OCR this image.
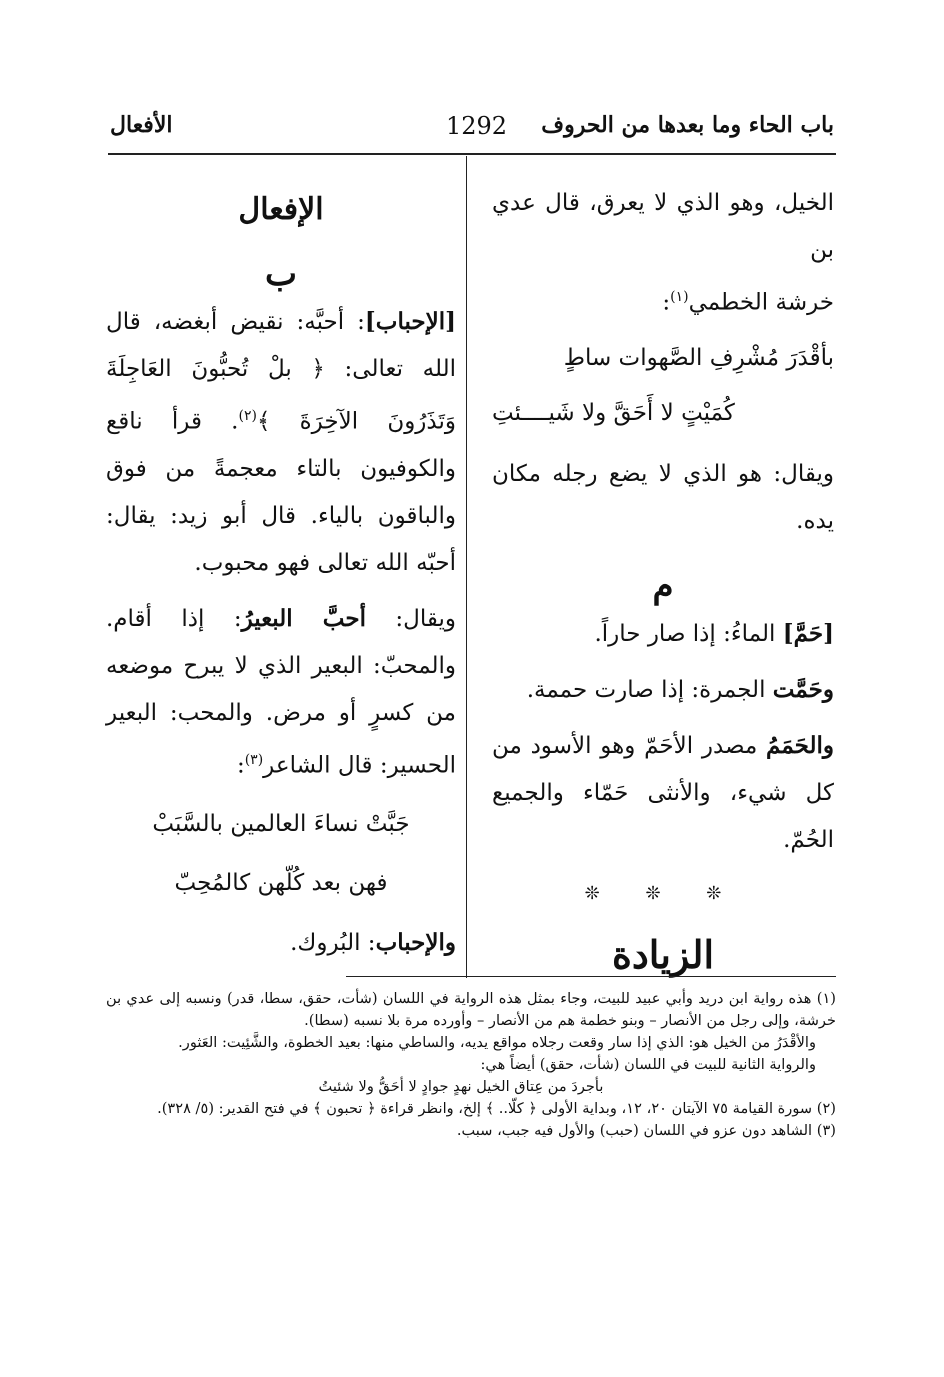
باب الحاء وما بعدها من الحروف
1292
الأفعال

الخيل، وهو الذي لا يعرق، قال عدي بن

خرشة الخطمي$^{(١)}$:

بأقْدَرَ مُشْرِفِ الصَّهوات ساطٍ

كُمَيْتٍ لا أَحَقَّ ولا شَيــــئتِ

ويقال: هو الذي لا يضع رجله مكان يده.

م

[حَمَّ] الماءُ: إذا صار حاراً.

وحَمَّت الجمرة: إذا صارت حممة.

والحَمَمُ مصدر الأحَمّ وهو الأسود من كل شيء، والأنثى حَمّاء والجميع الحُمّ.

❊ ❊ ❊

الزيادة

الإفعال

ب

[الإحباب]: أحبَّه: نقيض أبغضه، قال الله تعالى: ﴿ بلْ تُحبُّونَ العَاجِلَةَ وَتَذَرُونَ الآخِرَةَ ﴾$^{(٢)}$. قرأ ناقع والكوفيون بالتاء معجمةً من فوق والباقون بالياء. قال أبو زيد: يقال: أحبّه الله تعالى فهو محبوب.

ويقال: أحبَّ البعيرُ: إذا أقام. والمحبّ: البعير الذي لا يبرح موضعه من كسرٍ أو مرض. والمحب: البعير الحسير: قال الشاعر$^{(٣)}$:

جَبَّتْ نساءَ العالمين بالسَّبَبْ

فهن بعد كُلّهن كالمُحِبّ

والإحباب: البُروك.

(١) هذه رواية ابن دريد وأبي عبيد للبيت، وجاء بمثل هذه الرواية في اللسان (شأت، حقق، سطا، قدر) ونسبه إلى عدي بن خرشة، وإلى رجل من الأنصار – وبنو خطمة هم من الأنصار – وأورده مرة بلا نسبه (سطا).

والأقْدَرُ من الخيل هو: الذي إذا سار وقعت رجلاه مواقع يديه، والساطي منها: بعيد الخطوة، والشَّئِيت: العَثور.

والرواية الثانية للبيت في اللسان (شأت، حقق) أيضاً هي:

بأجردَ من عِتاق الخيل نهدٍ جوادٍ لا أحَقُّ ولا شئيتُ

(٢) سورة القيامة ٧٥ الآيتان ٢٠، ١٢، وبداية الأولى ﴿ كلّا.. ﴾ إلخ، وانظر قراءة ﴿ تحبون ﴾ في فتح القدير: (٥/ ٣٢٨).

(٣) الشاهد دون عزو في اللسان (حبب) والأول فيه جبب، سبب.
